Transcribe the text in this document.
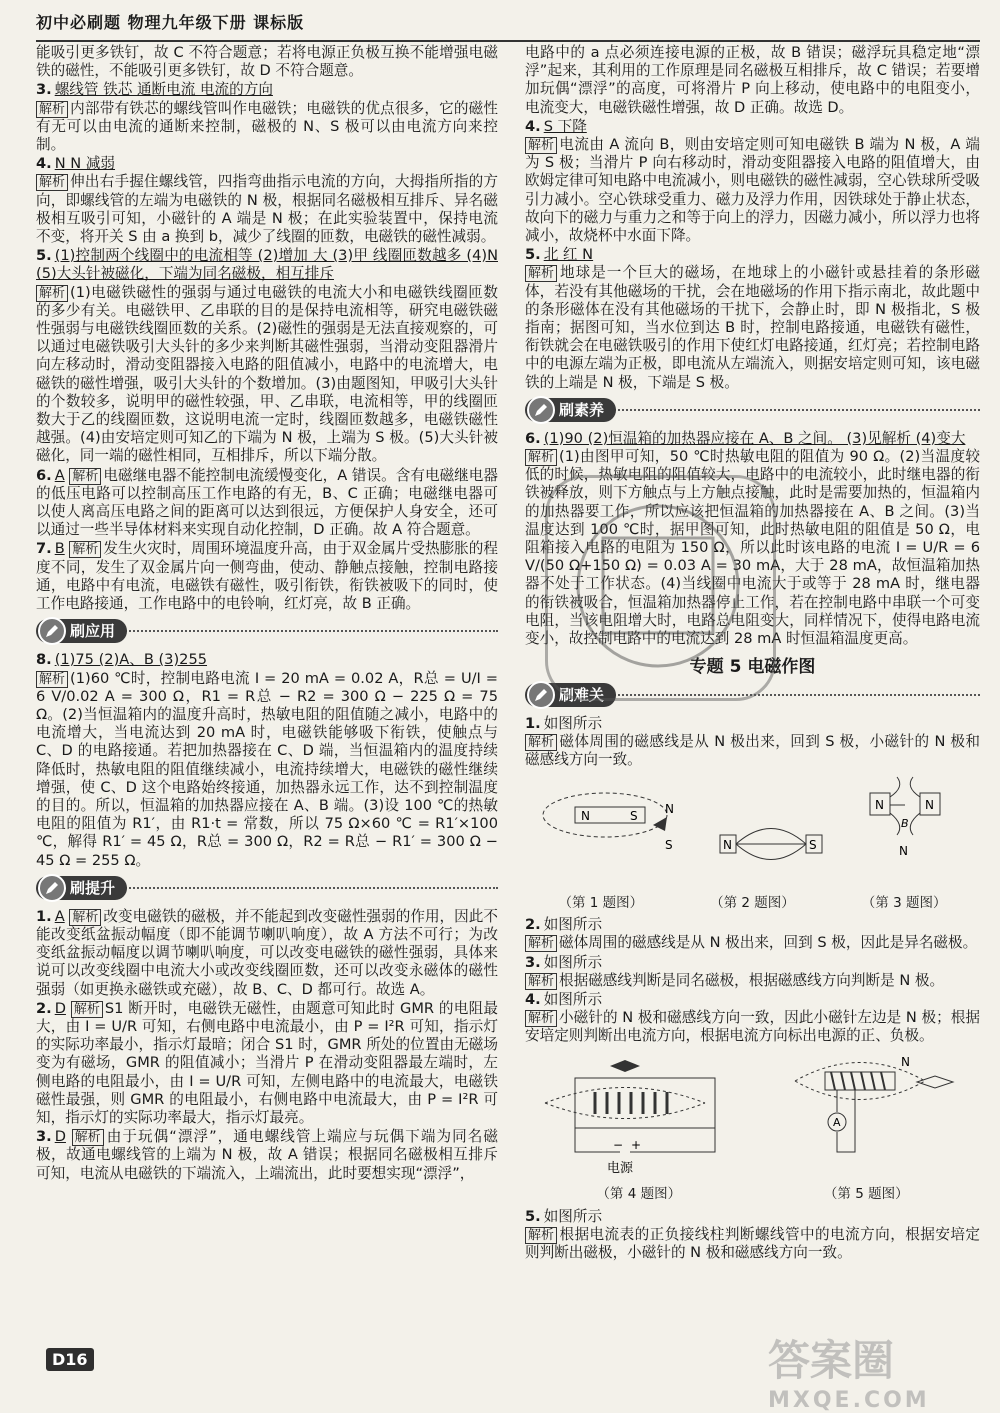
初中必刷题 物理九年级下册 课标版

能吸引更多铁钉，故 C 不符合题意；若将电源正负极互换不能增强电磁铁的磁性，不能吸引更多铁钉，故 D 不符合题意。

3. 螺线管 铁芯 通断电流 电流的方向
解析 内部带有铁芯的螺线管叫作电磁铁；电磁铁的优点很多，它的磁性有无可以由电流的通断来控制，磁极的 N、S 极可以由电流方向来控制。

4. N N 减弱
解析 伸出右手握住螺线管，四指弯曲指示电流的方向，大拇指所指的方向，即螺线管的左端为电磁铁的 N 极，根据同名磁极相互排斥、异名磁极相互吸引可知，小磁针的 A 端是 N 极；在此实验装置中，保持电流不变，将开关 S 由 a 换到 b，减少了线圈的匝数，电磁铁的磁性减弱。

5. (1)控制两个线圈中的电流相等 (2)增加 大 (3)甲 线圈匝数越多 (4)N (5)大头针被磁化，下端为同名磁极，相互排斥
解析 (1)电磁铁磁性的强弱与通过电磁铁的电流大小和电磁铁线圈匝数的多少有关。电磁铁甲、乙串联的目的是保持电流相等，研究电磁铁磁性强弱与电磁铁线圈匝数的关系。(2)磁性的强弱是无法直接观察的，可以通过电磁铁吸引大头针的多少来判断其磁性强弱，当滑动变阻器滑片向左移动时，滑动变阻器接入电路的阻值减小，电路中的电流增大，电磁铁的磁性增强，吸引大头针的个数增加。(3)由题图知，甲吸引大头针的个数较多，说明甲的磁性较强，甲、乙串联，电流相等，甲的线圈匝数大于乙的线圈匝数，这说明电流一定时，线圈匝数越多，电磁铁磁性越强。(4)由安培定则可知乙的下端为 N 极，上端为 S 极。(5)大头针被磁化，同一端的磁性相同，互相排斥，所以下端分散。

6. A 解析 电磁继电器不能控制电流缓慢变化，A 错误。含有电磁继电器的低压电路可以控制高压工作电路的有无，B、C 正确；电磁继电器可以使人离高压电路之间的距离可以达到很远，方便保护人身安全，还可以通过一些半导体材料来实现自动化控制，D 正确。故 A 符合题意。

7. B 解析 发生火灾时，周围环境温度升高，由于双金属片受热膨胀的程度不同，发生了双金属片向一侧弯曲，使动、静触点接触，控制电路接通，电路中有电流，电磁铁有磁性，吸引衔铁，衔铁被吸下的同时，使工作电路接通，工作电路中的电铃响，红灯亮，故 B 正确。

刷应用

8. (1)75 (2)A、B (3)255
解析 (1)60 ℃时，控制电路电流 I = 20 mA = 0.02 A，R总 = U/I = 6 V/0.02 A = 300 Ω，R1 = R总 − R2 = 300 Ω − 225 Ω = 75 Ω。(2)当恒温箱内的温度升高时，热敏电阻的阻值随之减小，电路中的电流增大，当电流达到 20 mA 时，电磁铁能够吸下衔铁，使触点与 C、D 的电路接通。若把加热器接在 C、D 端，当恒温箱内的温度持续降低时，热敏电阻的阻值继续减小，电流持续增大，电磁铁的磁性继续增强，使 C、D 这个电路始终接通，加热器永远工作，达不到控制温度的目的。所以，恒温箱的加热器应接在 A、B 端。(3)设 100 ℃的热敏电阻的阻值为 R1′，由 R1·t = 常数，所以 75 Ω×60 ℃ = R1′×100 ℃，解得 R1′ = 45 Ω，R总 = 300 Ω，R2 = R总 − R1′ = 300 Ω − 45 Ω = 255 Ω。

刷提升

1. A 解析 改变电磁铁的磁极，并不能起到改变磁性强弱的作用，因此不能改变纸盆振动幅度（即不能调节喇叭响度），故 A 方法不可行；为改变纸盆振动幅度以调节喇叭响度，可以改变电磁铁的磁性强弱，具体来说可以改变线圈中电流大小或改变线圈匝数，还可以改变永磁体的磁性强弱（如更换永磁铁或充磁），故 B、C、D 都可行。故选 A。

2. D 解析 S1 断开时，电磁铁无磁性，由题意可知此时 GMR 的电阻最大，由 I = U/R 可知，右侧电路中电流最小，由 P = I²R 可知，指示灯的实际功率最小，指示灯最暗；闭合 S1 时，GMR 所处的位置由无磁场变为有磁场，GMR 的阻值减小；当滑片 P 在滑动变阻器最左端时，左侧电路的电阻最小，由 I = U/R 可知，左侧电路中的电流最大，电磁铁磁性最强，则 GMR 的电阻最小，右侧电路中电流最大，由 P = I²R 可知，指示灯的实际功率最大，指示灯最亮。

3. D 解析 由于玩偶“漂浮”，通电螺线管上端应与玩偶下端为同名磁极，故通电螺线管的上端为 N 极，故 A 错误；根据同名磁极相互排斥可知，电流从电磁铁的下端流入，上端流出，此时要想实现“漂浮”，

电路中的 a 点必须连接电源的正极，故 B 错误；磁浮玩具稳定地“漂浮”起来，其利用的工作原理是同名磁极互相排斥，故 C 错误；若要增加玩偶“漂浮”的高度，可将滑片 P 向上移动，使电路中的电阻变小，电流变大，电磁铁磁性增强，故 D 正确。故选 D。

4. S 下降
解析 电流由 A 流向 B，则由安培定则可知电磁铁 B 端为 N 极，A 端为 S 极；当滑片 P 向右移动时，滑动变阻器接入电路的阻值增大，由欧姆定律可知电路中电流减小，则电磁铁的磁性减弱，空心铁球所受吸引力减小。空心铁球受重力、磁力及浮力作用，因铁球处于静止状态，故向下的磁力与重力之和等于向上的浮力，因磁力减小，所以浮力也将减小，故烧杯中水面下降。

5. 北 红 N
解析 地球是一个巨大的磁场，在地球上的小磁针或悬挂着的条形磁体，若没有其他磁场的干扰，会在地磁场的作用下指示南北，故此题中的条形磁体在没有其他磁场的干扰下，会静止时，即 N 极指北，S 极指南；据图可知，当水位到达 B 时，控制电路接通，电磁铁有磁性，衔铁就会在电磁铁吸引的作用下使红灯电路接通，红灯亮；若控制电路中的电源左端为正极，即电流从左端流入，则据安培定则可知，该电磁铁的上端是 N 极，下端是 S 极。

刷素养

6. (1)90 (2)恒温箱的加热器应接在 A、B 之间。 (3)见解析 (4)变大
解析 (1)由图甲可知，50 ℃时热敏电阻的阻值为 90 Ω。(2)当温度较低的时候，热敏电阻的阻值较大，电路中的电流较小，此时继电器的衔铁被释放，则下方触点与上方触点接触，此时是需要加热的，恒温箱内的加热器要工作，所以应该把恒温箱的加热器接在 A、B 之间。(3)当温度达到 100 ℃时，据甲图可知，此时热敏电阻的阻值是 50 Ω，电阻箱接入电路的电阻为 150 Ω，所以此时该电路的电流 I = U/R = 6 V/(50 Ω+150 Ω) = 0.03 A = 30 mA，大于 28 mA，故恒温箱加热器不处于工作状态。(4)当线圈中电流大于或等于 28 mA 时，继电器的衔铁被吸合，恒温箱加热器停止工作，若在控制电路中串联一个可变电阻，当该电阻增大时，电路总电阻变大，同样情况下，使得电路电流变小，故控制电路中的电流达到 28 mA 时恒温箱温度更高。

专题 5 电磁作图
刷难关

1. 如图所示
解析 磁体周围的磁感线是从 N 极出来，回到 S 极，小磁针的 N 极和磁感线方向一致。

N	S N
S	N	S
N	N
B
N
（第 1 题图）	（第 2 题图）	（第 3 题图）

2. 如图所示
解析 磁体周围的磁感线是从 N 极出来，回到 S 极，因此是异名磁极。

3. 如图所示
解析 根据磁感线判断是同名磁极，根据磁感线方向判断是 N 极。

4. 如图所示
解析 小磁针的 N 极和磁感线方向一致，因此小磁针左边是 N 极；根据安培定则判断出电流方向，根据电流方向标出电源的正、负极。

− +
电源
N
A
（第 4 题图）	（第 5 题图）

5. 如图所示
解析 根据电流表的正负接线柱判断螺线管中的电流方向，根据安培定则判断出磁极，小磁针的 N 极和磁感线方向一致。

D16	答案圈
MXQE.COM
